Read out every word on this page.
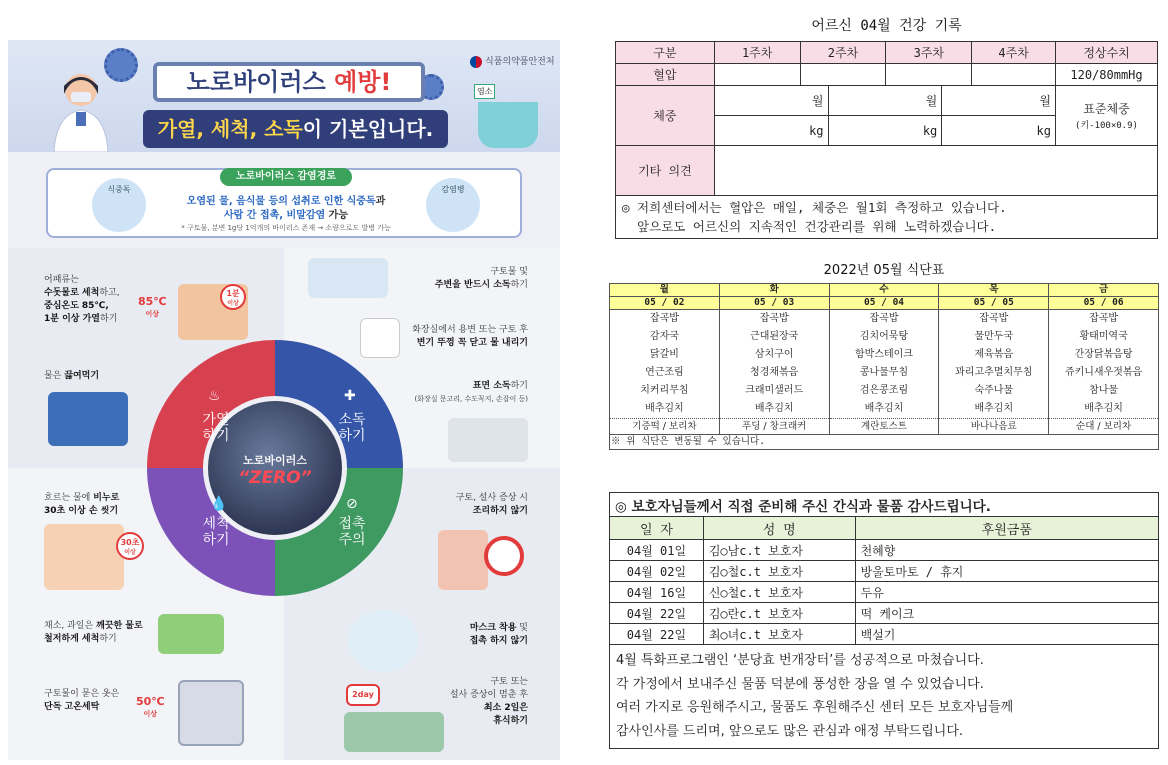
노로바이러스 예방!
가열, 세척, 소독이 기본입니다.
식품의약품안전처
염소
노로바이러스 감염경로
식중독	감염병
오염된 물, 음식물 등의 섭취로 인한 식중독과
사람 간 접촉, 비말감염 가능
* 구토물, 분변 1g당 1억개의 바이러스 존재 → 소량으로도 발병 가능
어패류는
수돗물로 세척하고,
중심온도 85℃,
1분 이상 가열하기
85℃
이상
1분
이상
물은 끓여먹기
구토물 및
주변을 반드시 소독하기
화장실에서 용변 또는 구토 후
변기 뚜껑 꼭 닫고 물 내리기
표면 소독하기
(화장실 문고리, 수도꼭지, 손잡이 등)
흐르는 물에 비누로
30초 이상 손 씻기
30초
이상
채소, 과일은 깨끗한 물로
철저하게 세척하기
구토물이 묻은 옷은
단독 고온세탁	50℃
이상
구토, 설사 증상 시
조리하지 않기
마스크 착용 및
접촉 하지 않기
2day
구토 또는
설사 증상이 멈춘 후
최소 2일은
휴식하기
♨
가열
하기
✚
소독
하기
💧
세척
하기
⊘
접촉
주의
노로바이러스
“ZERO”
어르신 04월 건강 기록
구분	1주차	2주차		3주차		4주차	정상수치
혈압							120/80mmHg
체중	월		월		월		표준체중
(키-100×0.9)
	kg		kg		kg		
기타 의견							
◎ 저희센터에서는 혈압은 매일, 체중은 월1회 측정하고 있습니다.
앞으로도 어르신의 지속적인 건강관리를 위해 노력하겠습니다.							
2022년 05월 식단표
월	화	수	목	금
05 / 02	05 / 03	05 / 04	05 / 05	05 / 06
잡곡밥	잡곡밥	잡곡밥	잡곡밥	잡곡밥
감자국	근대된장국	김치어묵탕	물만두국	황태미역국
닭갈비	삼치구이	함박스테이크	제육볶음	간장닭볶음탕
연근조림	청경채볶음	콩나물무침	꽈리고추멸치무침	쥬키니새우젓볶음
치커리무침	크래미샐러드	검은콩조림	숙주나물	참나물
배추김치	배추김치	배추김치	배추김치	배추김치
기증떡 / 보리차	푸딩 / 창크래커	계란토스트	바나나음료	순대 / 보리차
※ 위 식단은 변동될 수 있습니다.				
◎ 보호자님들께서 직접 준비해 주신 간식과 물품 감사드립니다.		
일 자	성 명	후원금품
04월 01일	김○남c.t 보호자	천혜향
04월 02일	김○철c.t 보호자	방울토마토 / 휴지
04월 16일	신○철c.t 보호자	두유
04월 22일	김○란c.t 보호자	떡 케이크
04월 22일	최○녀c.t 보호자	백설기
4월 특화프로그램인 ‘분당효 번개장터’를 성공적으로 마쳤습니다.
각 가정에서 보내주신 물품 덕분에 풍성한 장을 열 수 있었습니다.
여러 가지로 응원해주시고, 물품도 후원해주신 센터 모든 보호자님들께
감사인사를 드리며, 앞으로도 많은 관심과 애정 부탁드립니다.		
